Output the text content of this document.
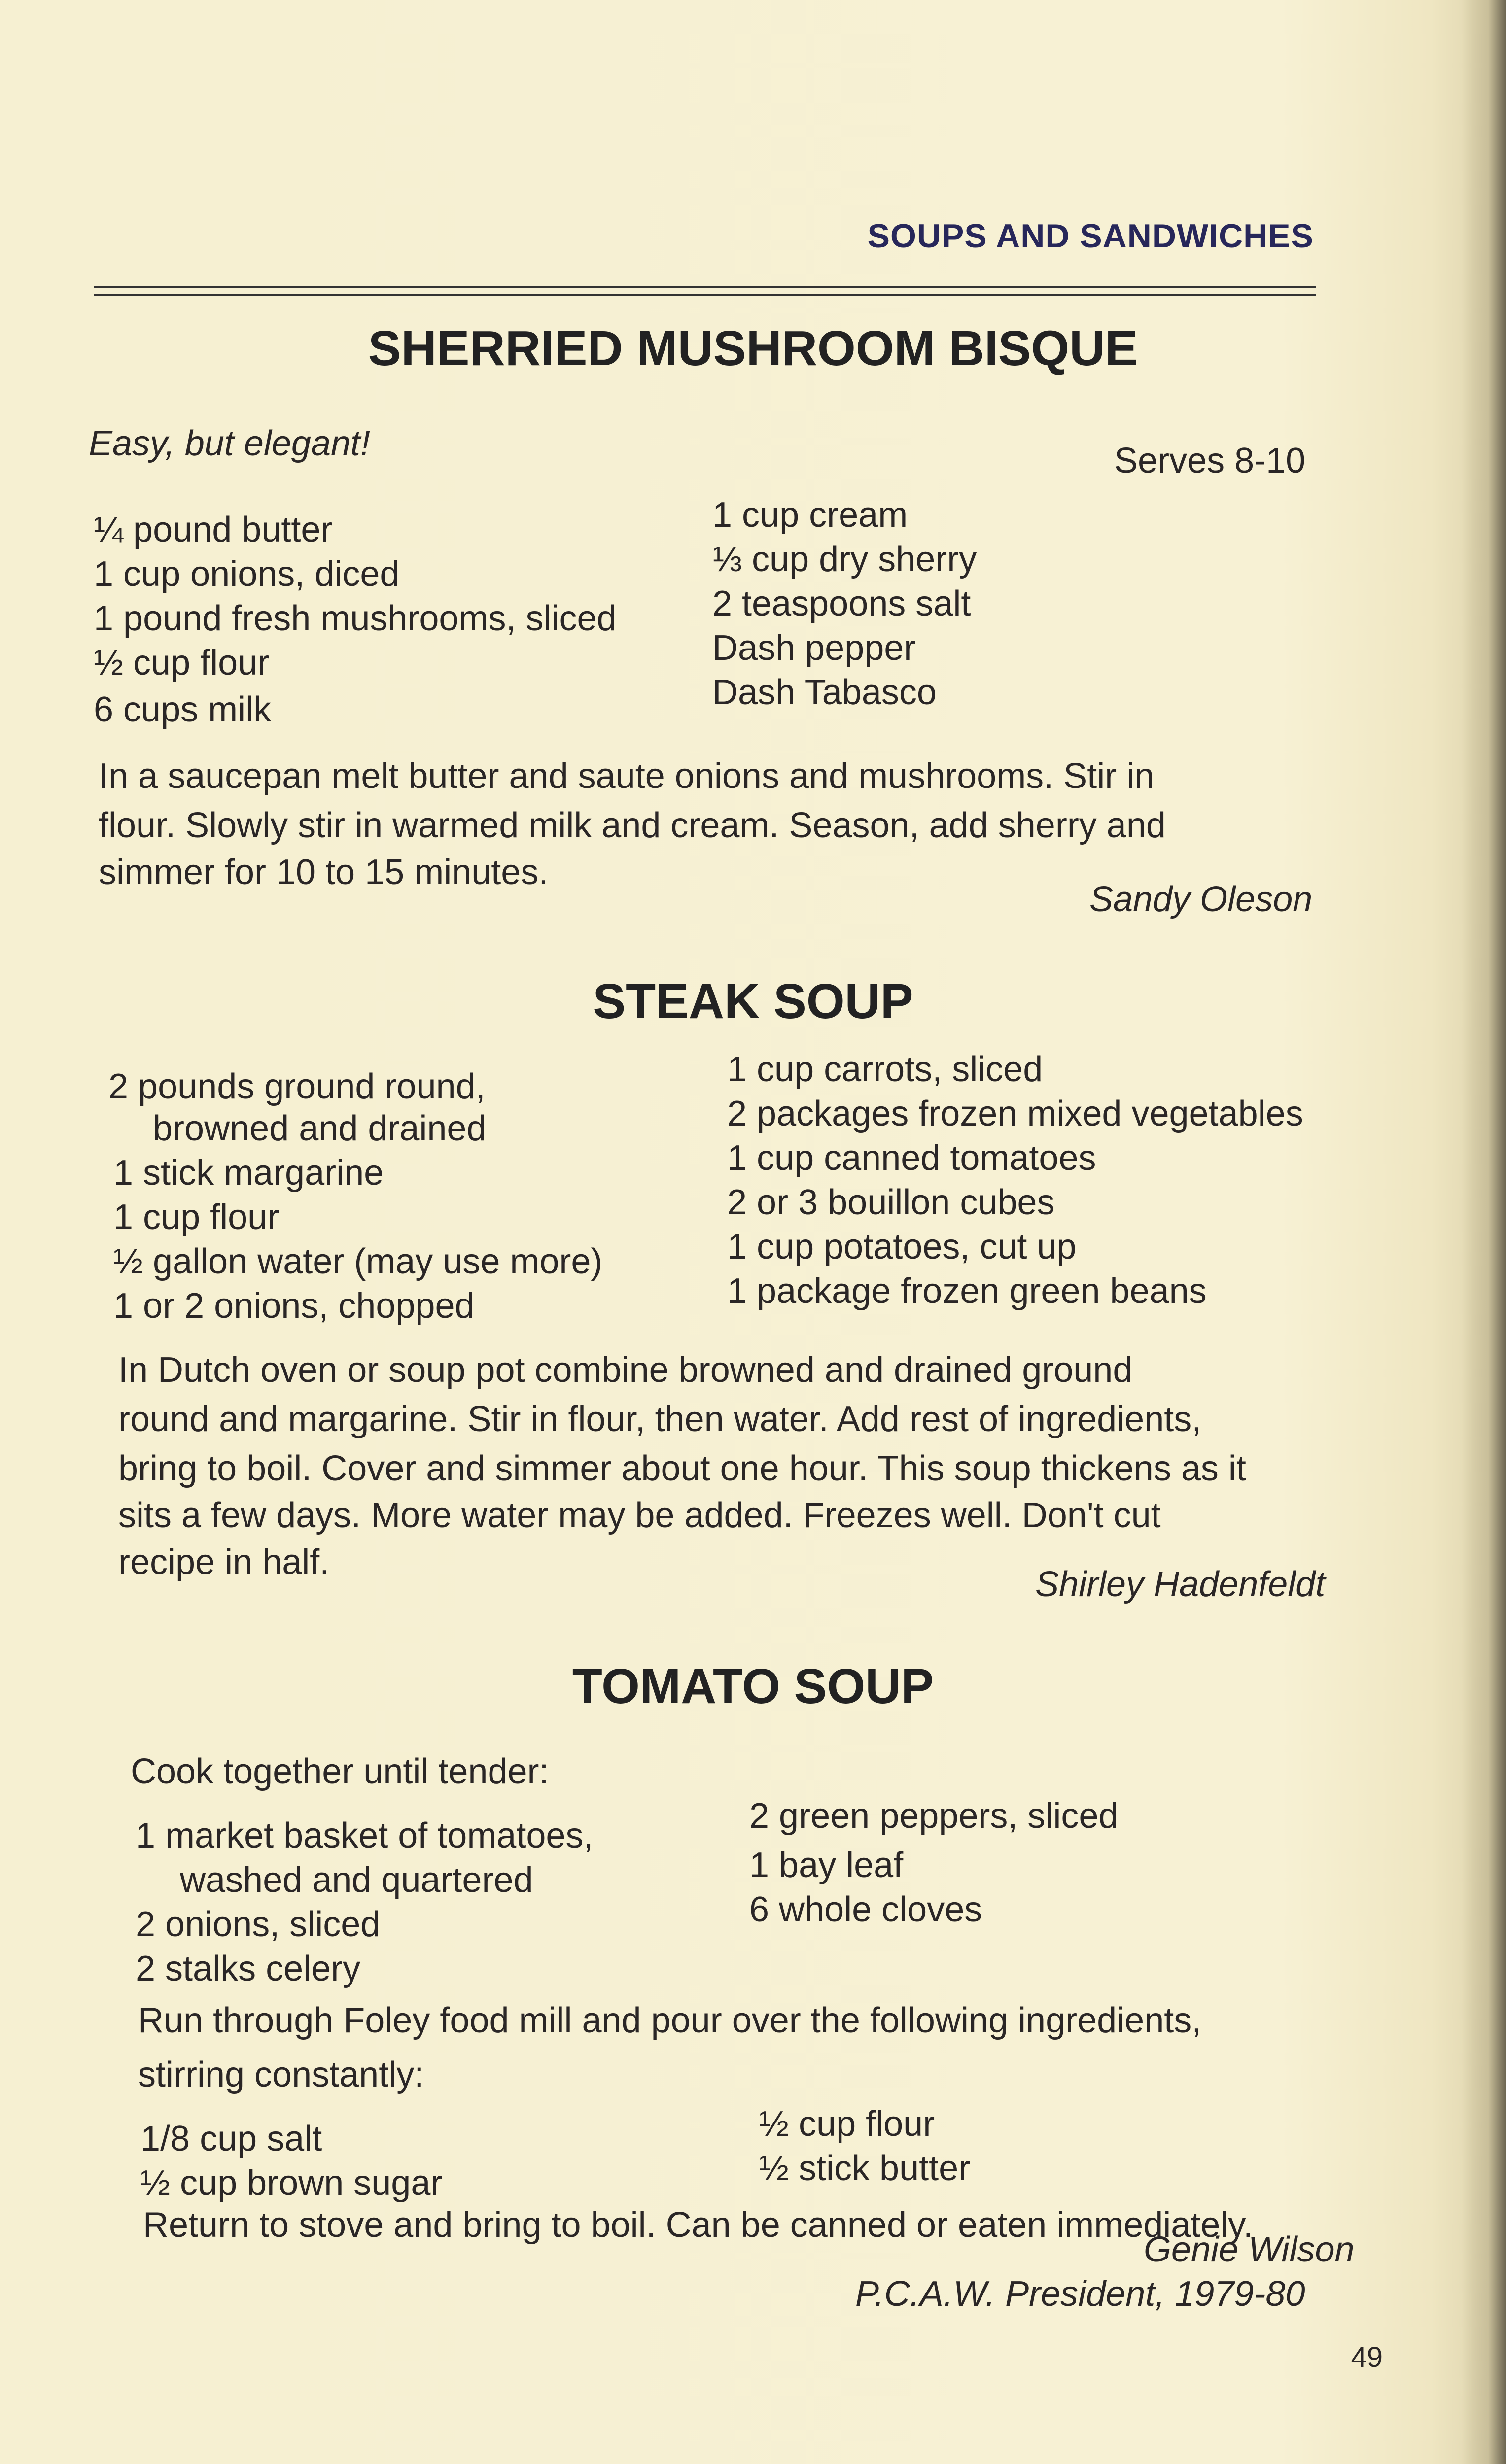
SOUPS AND SANDWICHES
SHERRIED MUSHROOM BISQUE
Easy, but elegant!	Serves 8-10
¼ pound butter
1 cup onions, diced
1 pound fresh mushrooms, sliced
½ cup flour
6 cups milk
1 cup cream
⅓ cup dry sherry
2 teaspoons salt
Dash pepper
Dash Tabasco
In a saucepan melt butter and saute onions and mushrooms. Stir in
flour. Slowly stir in warmed milk and cream. Season, add sherry and
simmer for 10 to 15 minutes.
Sandy Oleson
STEAK SOUP
2 pounds ground round,
browned and drained
1 stick margarine
1 cup flour
½ gallon water (may use more)
1 or 2 onions, chopped
1 cup carrots, sliced
2 packages frozen mixed vegetables
1 cup canned tomatoes
2 or 3 bouillon cubes
1 cup potatoes, cut up
1 package frozen green beans
In Dutch oven or soup pot combine browned and drained ground
round and margarine. Stir in flour, then water. Add rest of ingredients,
bring to boil. Cover and simmer about one hour. This soup thickens as it
sits a few days. More water may be added. Freezes well. Don't cut
recipe in half.
Shirley Hadenfeldt
TOMATO SOUP
Cook together until tender:
1 market basket of tomatoes,
washed and quartered
2 onions, sliced
2 stalks celery
2 green peppers, sliced
1 bay leaf
6 whole cloves
Run through Foley food mill and pour over the following ingredients,
stirring constantly:
1/8 cup salt
½ cup brown sugar
½ cup flour
½ stick butter
Return to stove and bring to boil. Can be canned or eaten immediately.
Genie Wilson
P.C.A.W. President, 1979-80
49
